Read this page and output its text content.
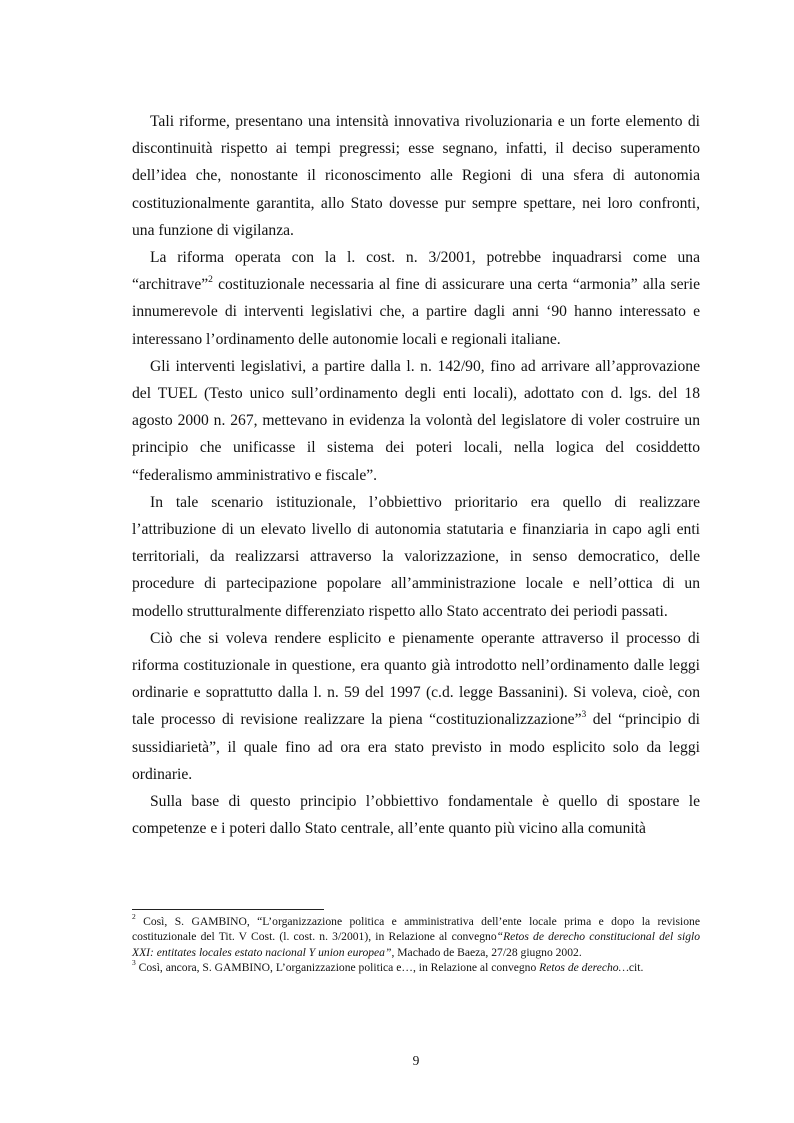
Tali riforme, presentano una intensità innovativa rivoluzionaria e un forte elemento di discontinuità rispetto ai tempi pregressi; esse segnano, infatti, il deciso superamento dell’idea che, nonostante il riconoscimento alle Regioni di una sfera di autonomia costituzionalmente garantita, allo Stato dovesse pur sempre spettare, nei loro confronti, una funzione di vigilanza.

La riforma operata con la l. cost. n. 3/2001, potrebbe inquadrarsi come una “architrave”$^2$ costituzionale necessaria al fine di assicurare una certa “armonia” alla serie innumerevole di interventi legislativi che, a partire dagli anni ‘90 hanno interessato e interessano l’ordinamento delle autonomie locali e regionali italiane.

Gli interventi legislativi, a partire dalla l. n. 142/90, fino ad arrivare all’approvazione del TUEL (Testo unico sull’ordinamento degli enti locali), adottato con d. lgs. del 18 agosto 2000 n. 267, mettevano in evidenza la volontà del legislatore di voler costruire un principio che unificasse il sistema dei poteri locali, nella logica del cosiddetto “federalismo amministrativo e fiscale”.

In tale scenario istituzionale, l’obbiettivo prioritario era quello di realizzare l’attribuzione di un elevato livello di autonomia statutaria e finanziaria in capo agli enti territoriali, da realizzarsi attraverso la valorizzazione, in senso democratico, delle procedure di partecipazione popolare all’amministrazione locale e nell’ottica di un modello strutturalmente differenziato rispetto allo Stato accentrato dei periodi passati.

Ciò che si voleva rendere esplicito e pienamente operante attraverso il processo di riforma costituzionale in questione, era quanto già introdotto nell’ordinamento dalle leggi ordinarie e soprattutto dalla l. n. 59 del 1997 (c.d. legge Bassanini). Si voleva, cioè, con tale processo di revisione realizzare la piena “costituzionalizzazione”$^3$ del “principio di sussidiarietà”, il quale fino ad ora era stato previsto in modo esplicito solo da leggi ordinarie.

Sulla base di questo principio l’obbiettivo fondamentale è quello di spostare le competenze e i poteri dallo Stato centrale, all’ente quanto più vicino alla comunità

$^2$ Così, S. GAMBINO, “L’organizzazione politica e amministrativa dell’ente locale prima e dopo la revisione costituzionale del Tit. V Cost. (l. cost. n. 3/2001), in Relazione al convegno“Retos de derecho constitucional del siglo XXI: entitates locales estato nacional Y union europea”, Machado de Baeza, 27/28 giugno 2002.

$^3$ Così, ancora, S. GAMBINO, L’organizzazione politica e…, in Relazione al convegno Retos de derecho…cit.

9
